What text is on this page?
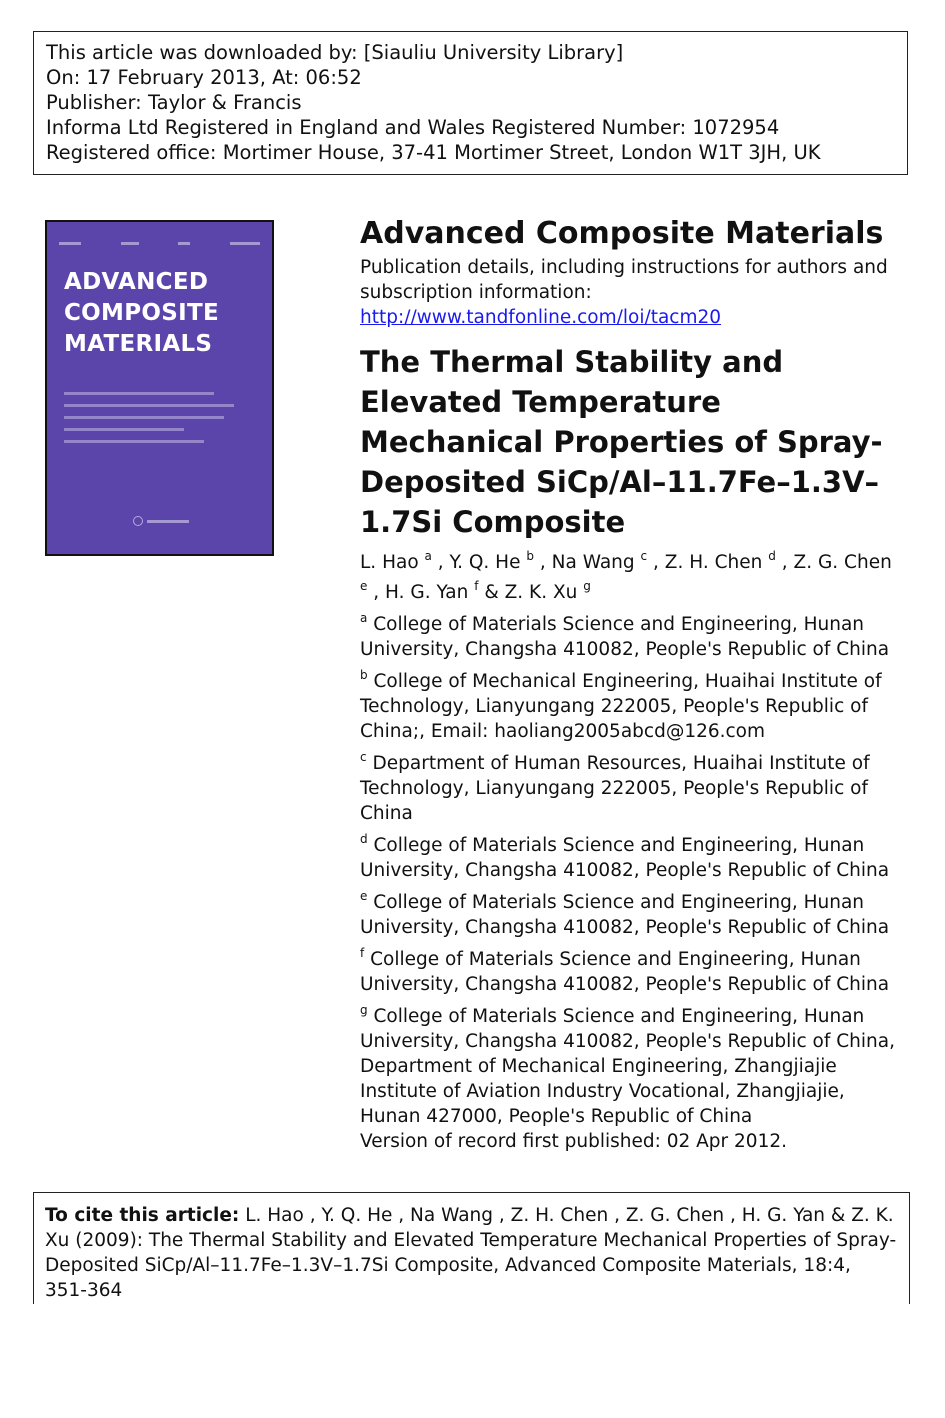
This article was downloaded by: [Siauliu University Library]
On: 17 February 2013, At: 06:52
Publisher: Taylor & Francis
Informa Ltd Registered in England and Wales Registered Number: 1072954
Registered office: Mortimer House, 37-41 Mortimer Street, London W1T 3JH, UK
ADVANCED
COMPOSITE
MATERIALS
Advanced Composite Materials
Publication details, including instructions for authors and subscription information:
http://www.tandfonline.com/loi/tacm20
The Thermal Stability and Elevated Temperature Mechanical Properties of Spray-Deposited SiCp/Al–11.7Fe–1.3V–1.7Si Composite
L. Hao $^a$ , Y. Q. He $^b$ , Na Wang $^c$ , Z. H. Chen $^d$ , Z. G. Chen $^e$ , H. G. Yan $^f$ & Z. K. Xu $^g$
$^a$ College of Materials Science and Engineering, Hunan University, Changsha 410082, People's Republic of China
$^b$ College of Mechanical Engineering, Huaihai Institute of Technology, Lianyungang 222005, People's Republic of China;, Email: haoliang2005abcd@126.com
$^c$ Department of Human Resources, Huaihai Institute of Technology, Lianyungang 222005, People's Republic of China
$^d$ College of Materials Science and Engineering, Hunan University, Changsha 410082, People's Republic of China
$^e$ College of Materials Science and Engineering, Hunan University, Changsha 410082, People's Republic of China
$^f$ College of Materials Science and Engineering, Hunan University, Changsha 410082, People's Republic of China
$^g$ College of Materials Science and Engineering, Hunan University, Changsha 410082, People's Republic of China, Department of Mechanical Engineering, Zhangjiajie Institute of Aviation Industry Vocational, Zhangjiajie, Hunan 427000, People's Republic of China
Version of record first published: 02 Apr 2012.
To cite this article: L. Hao , Y. Q. He , Na Wang , Z. H. Chen , Z. G. Chen , H. G. Yan & Z. K. Xu (2009): The Thermal Stability and Elevated Temperature Mechanical Properties of Spray-Deposited SiCp/Al–11.7Fe–1.3V–1.7Si Composite, Advanced Composite Materials, 18:4, 351-364
